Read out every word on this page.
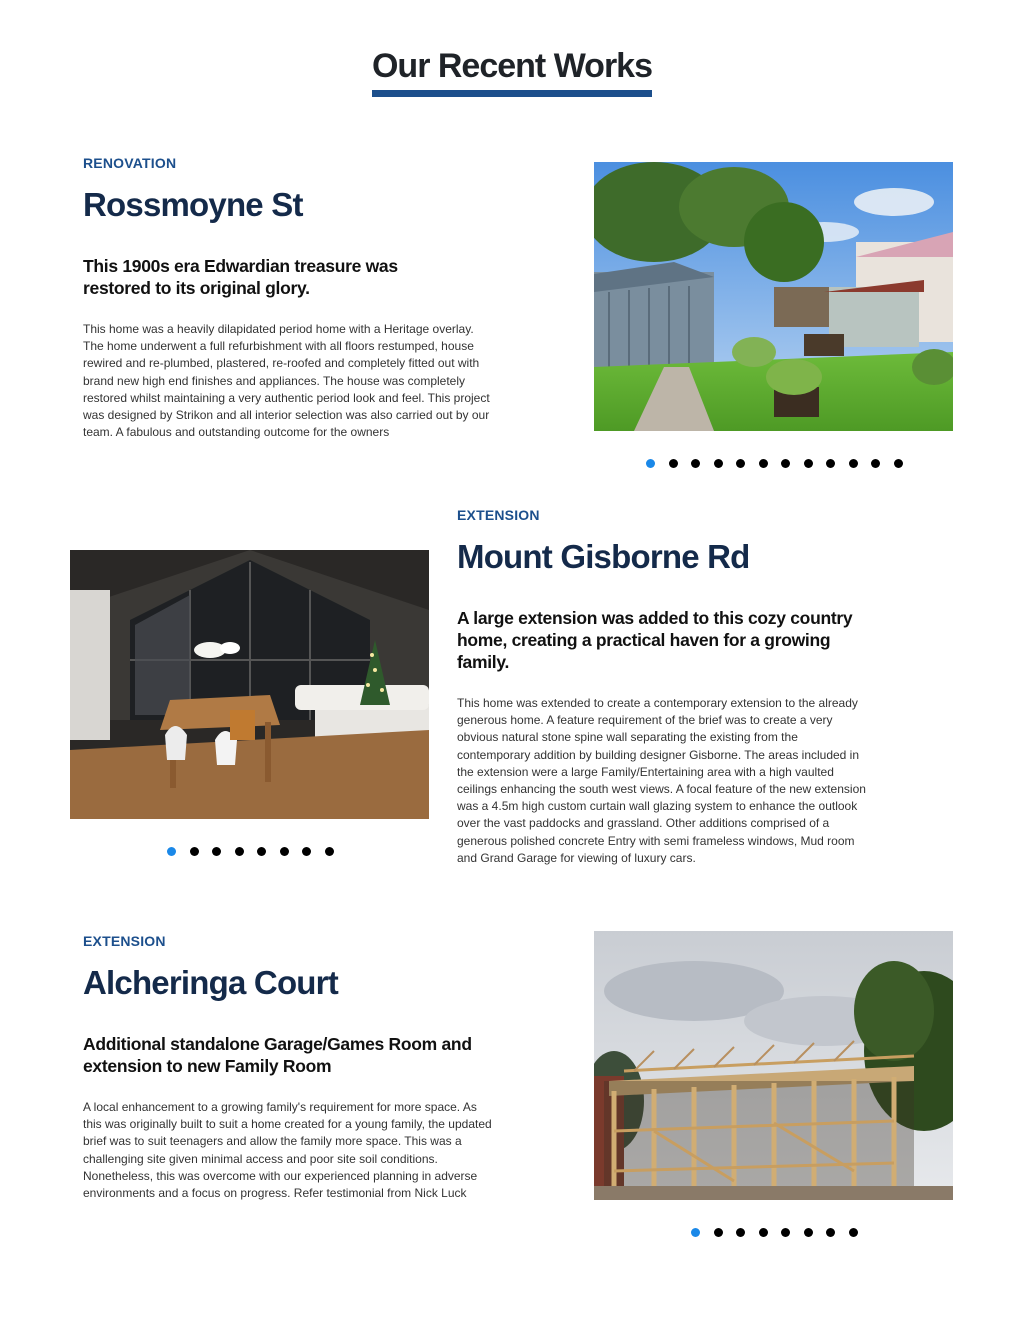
Our Recent Works
RENOVATION
Rossmoyne St
This 1900s era Edwardian treasure was restored to its original glory.
This home was a heavily dilapidated period home with a Heritage overlay. The home underwent a full refurbishment with all floors restumped, house rewired and re-plumbed, plastered, re-roofed and completely fitted out with brand new high end finishes and appliances. The house was completely restored whilst maintaining a very authentic period look and feel. This project was designed by Strikon and all interior selection was also carried out by our team. A fabulous and outstanding outcome for the owners
EXTENSION
Mount Gisborne Rd
A large extension was added to this cozy country home, creating a practical haven for a growing family.
This home was extended to create a contemporary extension to the already generous home. A feature requirement of the brief was to create a very obvious natural stone spine wall separating the existing from the contemporary addition by building designer Gisborne. The areas included in the extension were a large Family/Entertaining area with a high vaulted ceilings enhancing the south west views. A focal feature of the new extension was a 4.5m high custom curtain wall glazing system to enhance the outlook over the vast paddocks and grassland. Other additions comprised of a generous polished concrete Entry with semi frameless windows, Mud room and Grand Garage for viewing of luxury cars.
EXTENSION
Alcheringa Court
Additional standalone Garage/Games Room and extension to new Family Room
A local enhancement to a growing family's requirement for more space. As this was originally built to suit a home created for a young family, the updated brief was to suit teenagers and allow the family more space. This was a challenging site given minimal access and poor site soil conditions. Nonetheless, this was overcome with our experienced planning in adverse environments and a focus on progress. Refer testimonial from Nick Luck
